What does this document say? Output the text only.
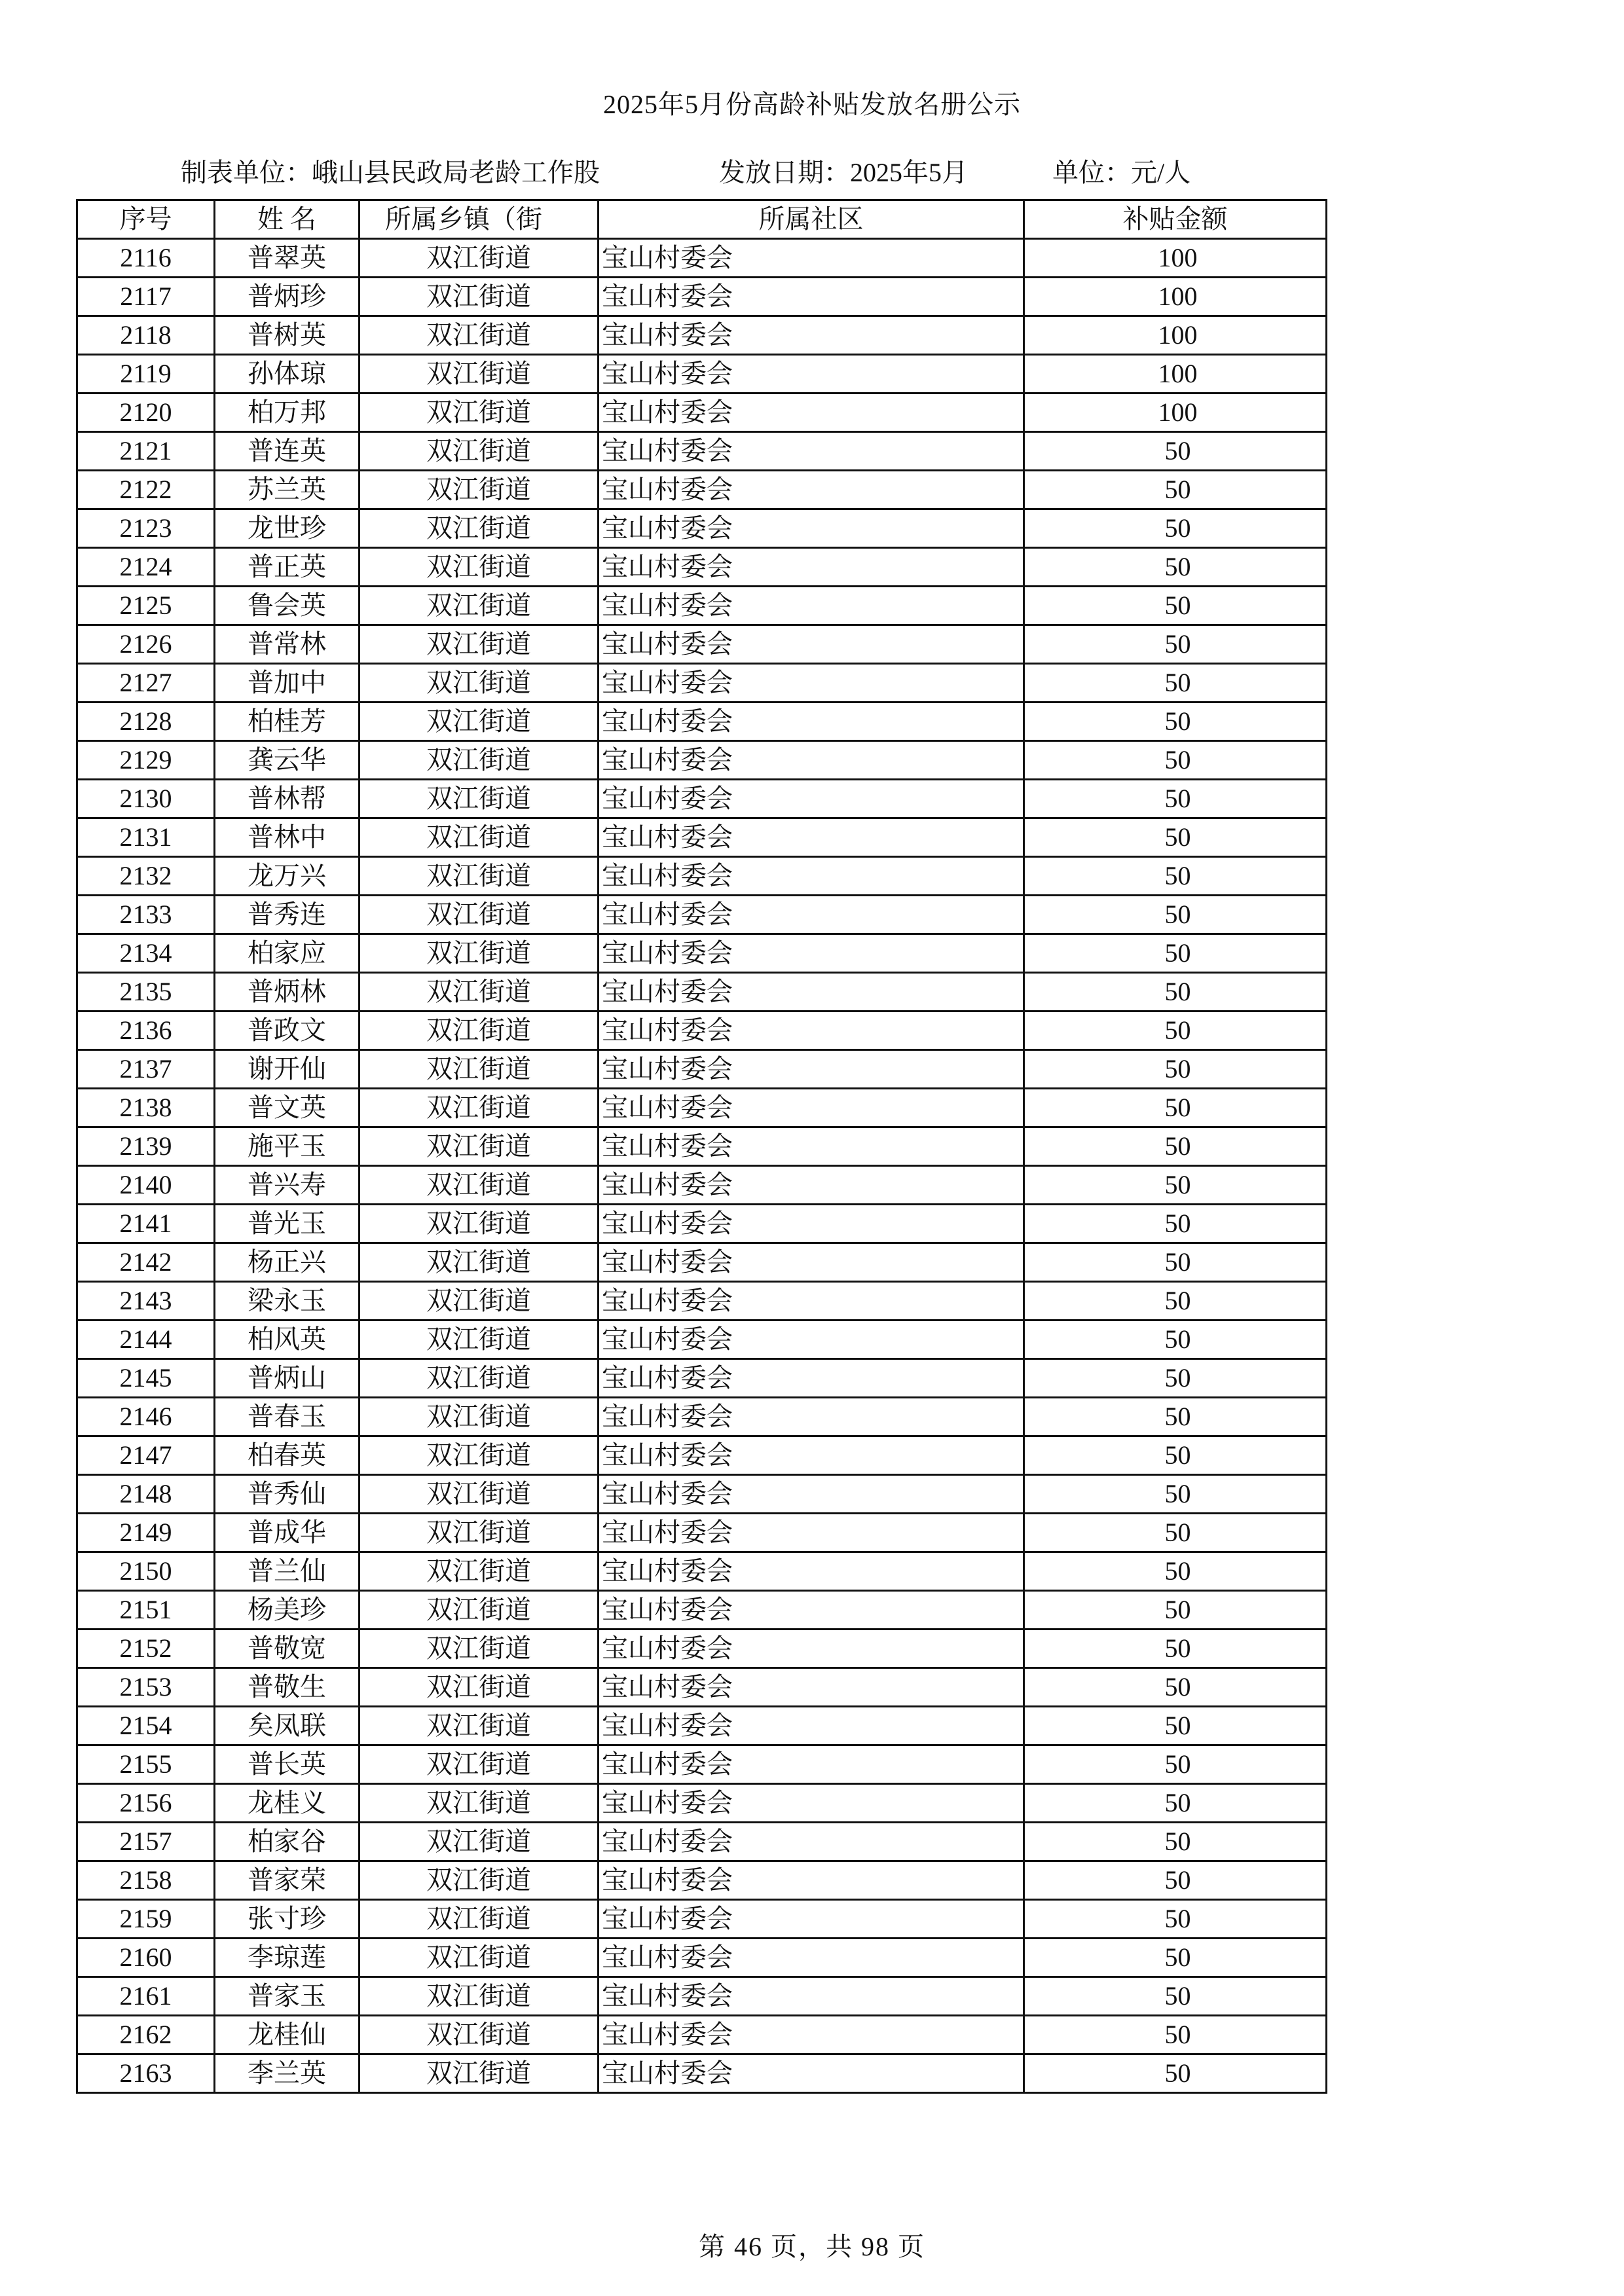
2025年5月份高龄补贴发放名册公示
制表单位：峨山县民政局老龄工作股	发放日期：2025年5月	单位：元/人
序号	姓 名	所属乡镇（街	所属社区	补贴金额
2116	普翠英	双江街道	宝山村委会	100
2117	普炳珍	双江街道	宝山村委会	100
2118	普树英	双江街道	宝山村委会	100
2119	孙体琼	双江街道	宝山村委会	100
2120	柏万邦	双江街道	宝山村委会	100
2121	普连英	双江街道	宝山村委会	50
2122	苏兰英	双江街道	宝山村委会	50
2123	龙世珍	双江街道	宝山村委会	50
2124	普正英	双江街道	宝山村委会	50
2125	鲁会英	双江街道	宝山村委会	50
2126	普常林	双江街道	宝山村委会	50
2127	普加中	双江街道	宝山村委会	50
2128	柏桂芳	双江街道	宝山村委会	50
2129	龚云华	双江街道	宝山村委会	50
2130	普林帮	双江街道	宝山村委会	50
2131	普林中	双江街道	宝山村委会	50
2132	龙万兴	双江街道	宝山村委会	50
2133	普秀连	双江街道	宝山村委会	50
2134	柏家应	双江街道	宝山村委会	50
2135	普炳林	双江街道	宝山村委会	50
2136	普政文	双江街道	宝山村委会	50
2137	谢开仙	双江街道	宝山村委会	50
2138	普文英	双江街道	宝山村委会	50
2139	施平玉	双江街道	宝山村委会	50
2140	普兴寿	双江街道	宝山村委会	50
2141	普光玉	双江街道	宝山村委会	50
2142	杨正兴	双江街道	宝山村委会	50
2143	梁永玉	双江街道	宝山村委会	50
2144	柏风英	双江街道	宝山村委会	50
2145	普炳山	双江街道	宝山村委会	50
2146	普春玉	双江街道	宝山村委会	50
2147	柏春英	双江街道	宝山村委会	50
2148	普秀仙	双江街道	宝山村委会	50
2149	普成华	双江街道	宝山村委会	50
2150	普兰仙	双江街道	宝山村委会	50
2151	杨美珍	双江街道	宝山村委会	50
2152	普敬宽	双江街道	宝山村委会	50
2153	普敬生	双江街道	宝山村委会	50
2154	矣凤联	双江街道	宝山村委会	50
2155	普长英	双江街道	宝山村委会	50
2156	龙桂义	双江街道	宝山村委会	50
2157	柏家谷	双江街道	宝山村委会	50
2158	普家荣	双江街道	宝山村委会	50
2159	张寸珍	双江街道	宝山村委会	50
2160	李琼莲	双江街道	宝山村委会	50
2161	普家玉	双江街道	宝山村委会	50
2162	龙桂仙	双江街道	宝山村委会	50
2163	李兰英	双江街道	宝山村委会	50
第 46 页，共 98 页
